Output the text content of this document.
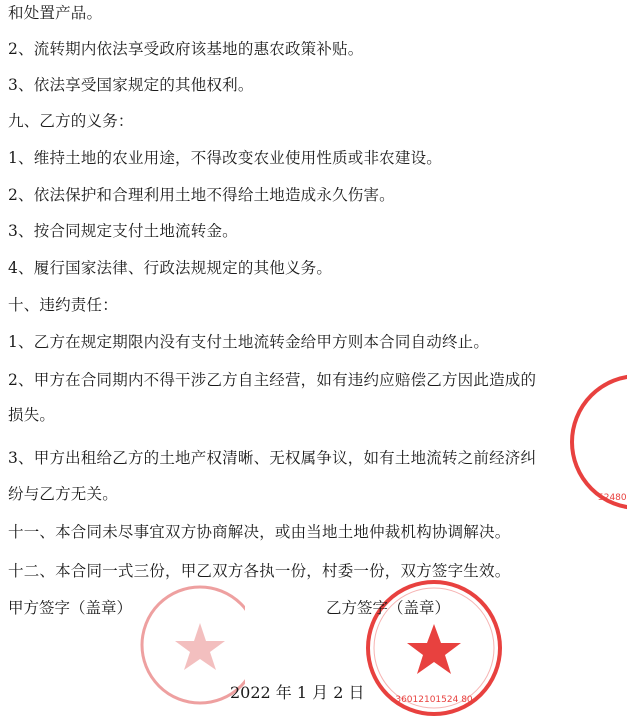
36012101524 80
52480
和处置产品。
2、流转期内依法享受政府该基地的惠农政策补贴。
3、依法享受国家规定的其他权利。
九、乙方的义务：
1、维持土地的农业用途，不得改变农业使用性质或非农建设。
2、依法保护和合理利用土地不得给土地造成永久伤害。
3、按合同规定支付土地流转金。
4、履行国家法律、行政法规规定的其他义务。
十、违约责任：
1、乙方在规定期限内没有支付土地流转金给甲方则本合同自动终止。
2、甲方在合同期内不得干涉乙方自主经营，如有违约应赔偿乙方因此造成的
损失。
3、甲方出租给乙方的土地产权清晰、无权属争议，如有土地流转之前经济纠
纷与乙方无关。
十一、本合同未尽事宜双方协商解决，或由当地土地仲裁机构协调解决。
十二、本合同一式三份，甲乙双方各执一份，村委一份，双方签字生效。
甲方签字（盖章）	乙方签字（盖章）
2022 年 1 月 2 日
